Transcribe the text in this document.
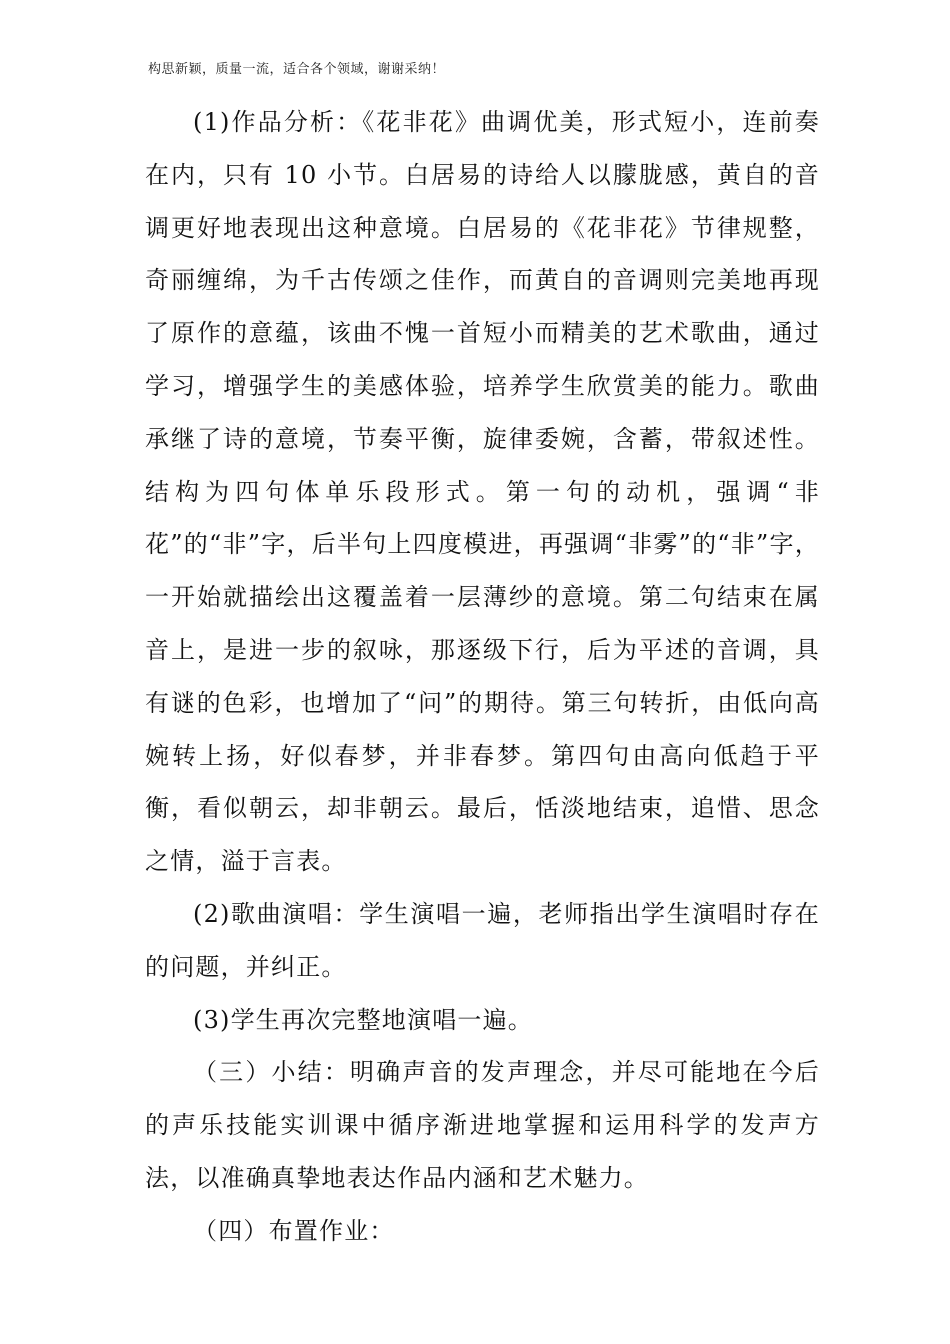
构思新颖，质量一流，适合各个领域，谢谢采纳！

(1)作品分析：《花非花》曲调优美，形式短小，连前奏在内，只有 10 小节。白居易的诗给人以朦胧感，黄自的音调更好地表现出这种意境。白居易的《花非花》节律规整，奇丽缠绵，为千古传颂之佳作，而黄自的音调则完美地再现了原作的意蕴，该曲不愧一首短小而精美的艺术歌曲，通过学习，增强学生的美感体验，培养学生欣赏美的能力。歌曲承继了诗的意境，节奏平衡，旋律委婉，含蓄，带叙述性。结构为四句体单乐段形式。第一句的动机，强调“非花”的“非”字，后半句上四度模进，再强调“非雾”的“非”字，一开始就描绘出这覆盖着一层薄纱的意境。第二句结束在属音上，是进一步的叙咏，那逐级下行，后为平述的音调，具有谜的色彩，也增加了“问”的期待。第三句转折，由低向高婉转上扬，好似春梦，并非春梦。第四句由高向低趋于平衡，看似朝云，却非朝云。最后，恬淡地结束，追惜、思念之情，溢于言表。

(2)歌曲演唱：学生演唱一遍，老师指出学生演唱时存在的问题，并纠正。

(3)学生再次完整地演唱一遍。

（三）小结：明确声音的发声理念，并尽可能地在今后的声乐技能实训课中循序渐进地掌握和运用科学的发声方法，以准确真挚地表达作品内涵和艺术魅力。

（四）布置作业：
